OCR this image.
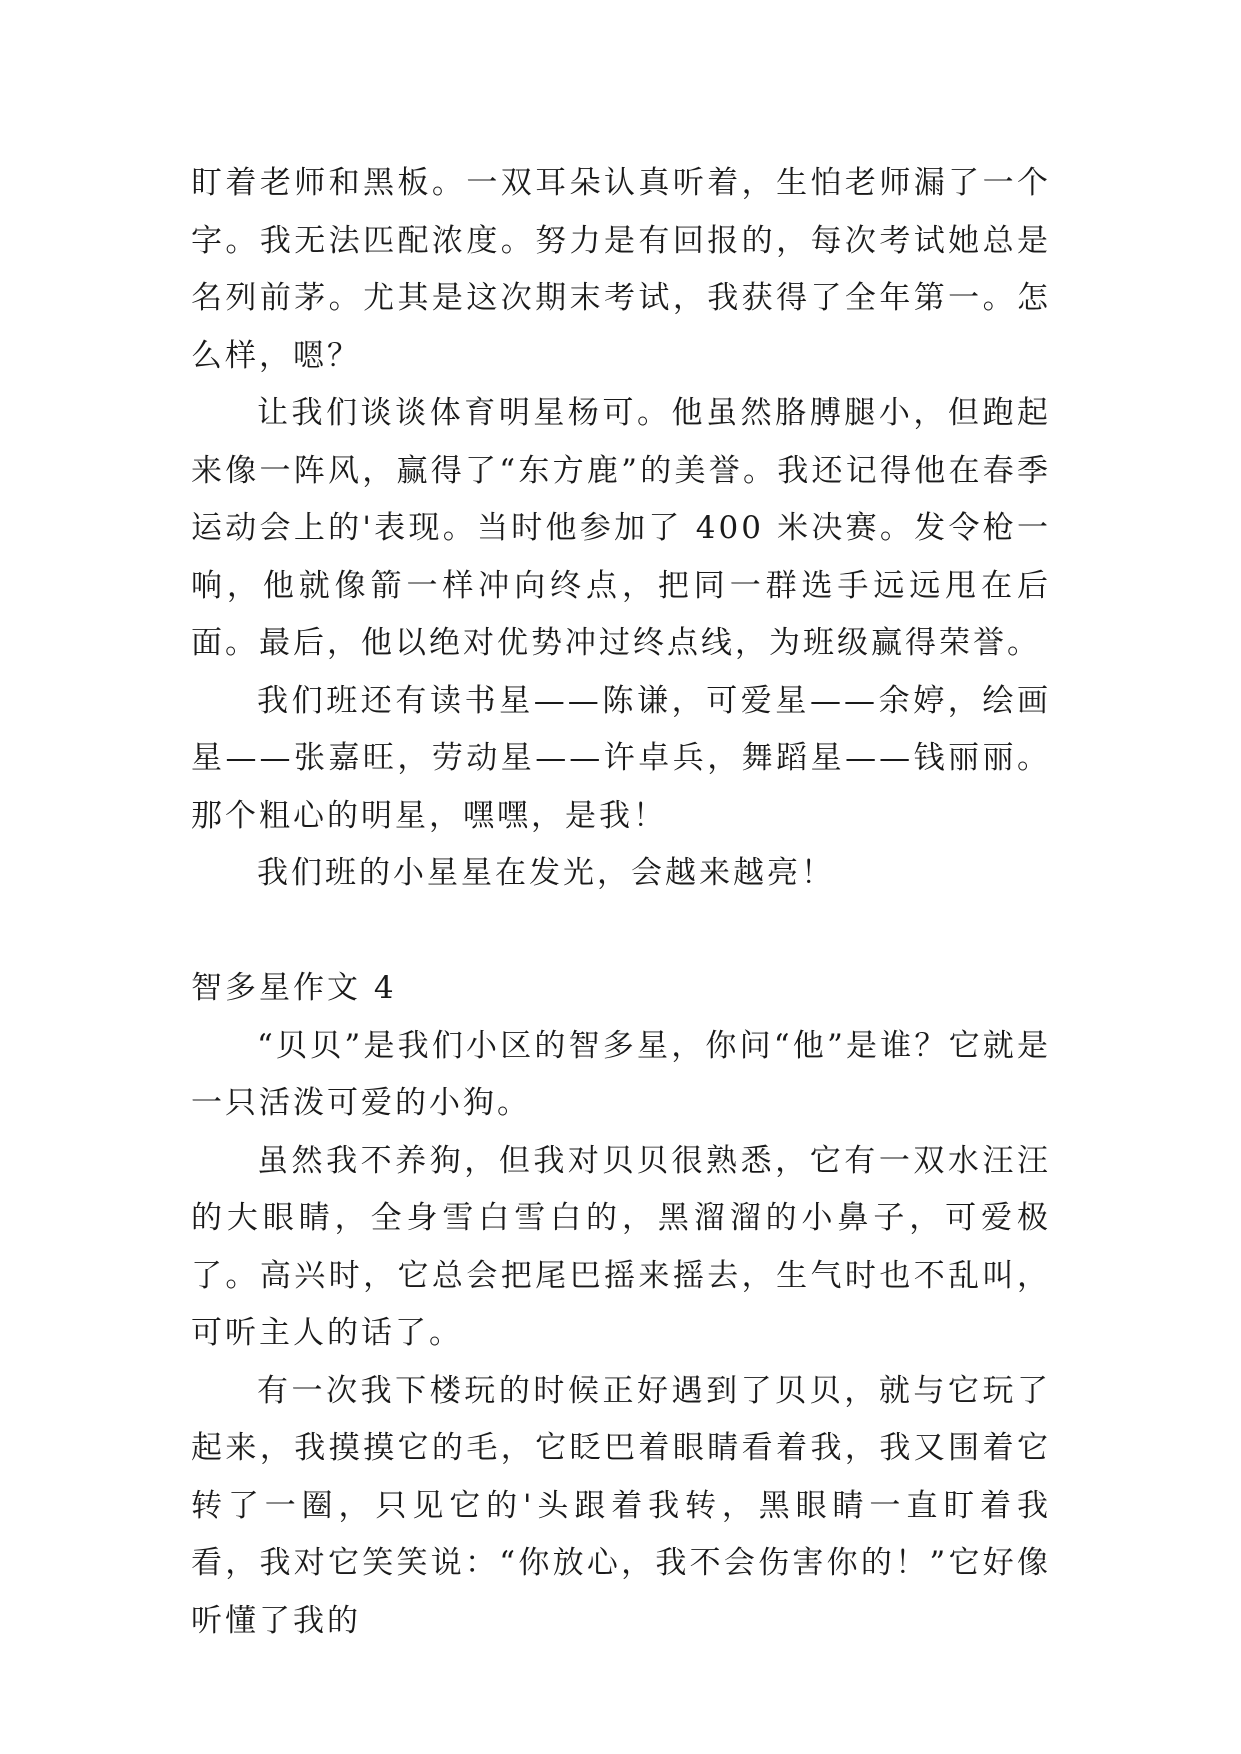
盯着老师和黑板。一双耳朵认真听着，生怕老师漏了一个字。我无法匹配浓度。努力是有回报的，每次考试她总是名列前茅。尤其是这次期末考试，我获得了全年第一。怎么样，嗯？

让我们谈谈体育明星杨可。他虽然胳膊腿小，但跑起来像一阵风，赢得了“东方鹿”的美誉。我还记得他在春季运动会上的'表现。当时他参加了 400 米决赛。发令枪一响，他就像箭一样冲向终点，把同一群选手远远甩在后面。最后，他以绝对优势冲过终点线，为班级赢得荣誉。

我们班还有读书星——陈谦，可爱星——余婷，绘画星——张嘉旺，劳动星——许卓兵，舞蹈星——钱丽丽。那个粗心的明星，嘿嘿，是我！

我们班的小星星在发光，会越来越亮！

智多星作文 4

“贝贝”是我们小区的智多星，你问“他”是谁？它就是一只活泼可爱的小狗。

虽然我不养狗，但我对贝贝很熟悉，它有一双水汪汪的大眼睛，全身雪白雪白的，黑溜溜的小鼻子，可爱极了。高兴时，它总会把尾巴摇来摇去，生气时也不乱叫，可听主人的话了。

有一次我下楼玩的时候正好遇到了贝贝，就与它玩了起来，我摸摸它的毛，它眨巴着眼睛看着我，我又围着它转了一圈，只见它的'头跟着我转，黑眼睛一直盯着我看，我对它笑笑说：“你放心，我不会伤害你的！”它好像听懂了我的
